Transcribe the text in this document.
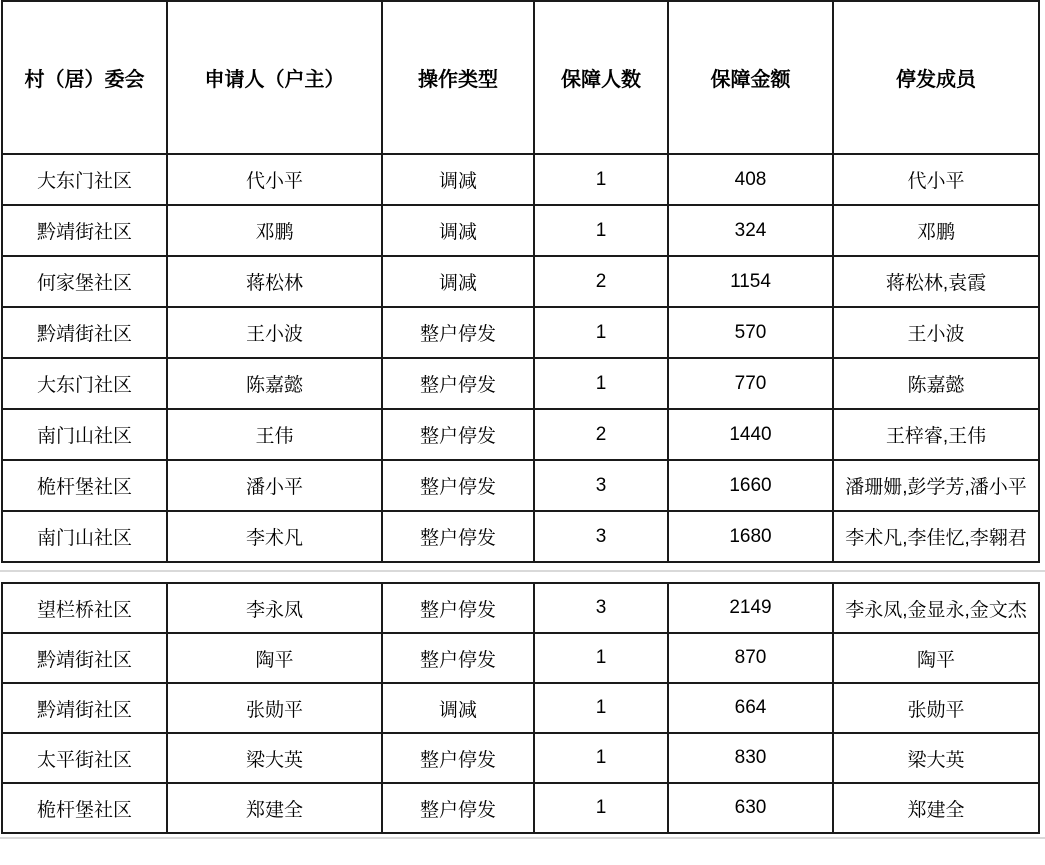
村（居）委会	申请人（户主）	操作类型	保障人数	保障金额	停发成员
大东门社区	代小平	调减	1	408	代小平
黔靖街社区	邓鹏	调减	1	324	邓鹏
何家堡社区	蒋松林	调减	2	1154	蒋松林,袁霞
黔靖街社区	王小波	整户停发	1	570	王小波
大东门社区	陈嘉懿	整户停发	1	770	陈嘉懿
南门山社区	王伟	整户停发	2	1440	王梓睿,王伟
桅杆堡社区	潘小平	整户停发	3	1660	潘珊姗,彭学芳,潘小平
南门山社区	李术凡	整户停发	3	1680	李术凡,李佳忆,李翱君
望栏桥社区	李永凤	整户停发	3	2149	李永凤,金显永,金文杰
黔靖街社区	陶平	整户停发	1	870	陶平
黔靖街社区	张勋平	调减	1	664	张勋平
太平街社区	梁大英	整户停发	1	830	梁大英
桅杆堡社区	郑建全	整户停发	1	630	郑建全
